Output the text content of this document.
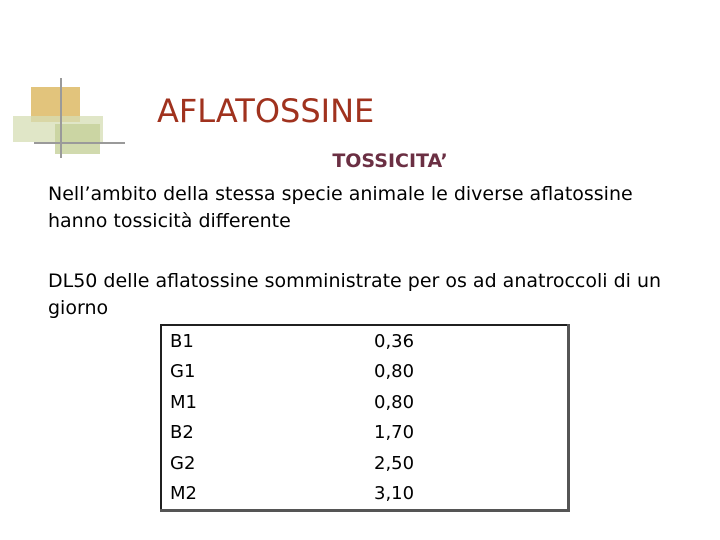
AFLATOSSINE
TOSSICITA’
Nell’ambito della stessa specie animale le diverse aflatossine hanno tossicità differente
DL50 delle aflatossine somministrate per os ad anatroccoli di un giorno
B1	0,36
G1	0,80
M1	0,80
B2	1,70
G2	2,50
M2	3,10
